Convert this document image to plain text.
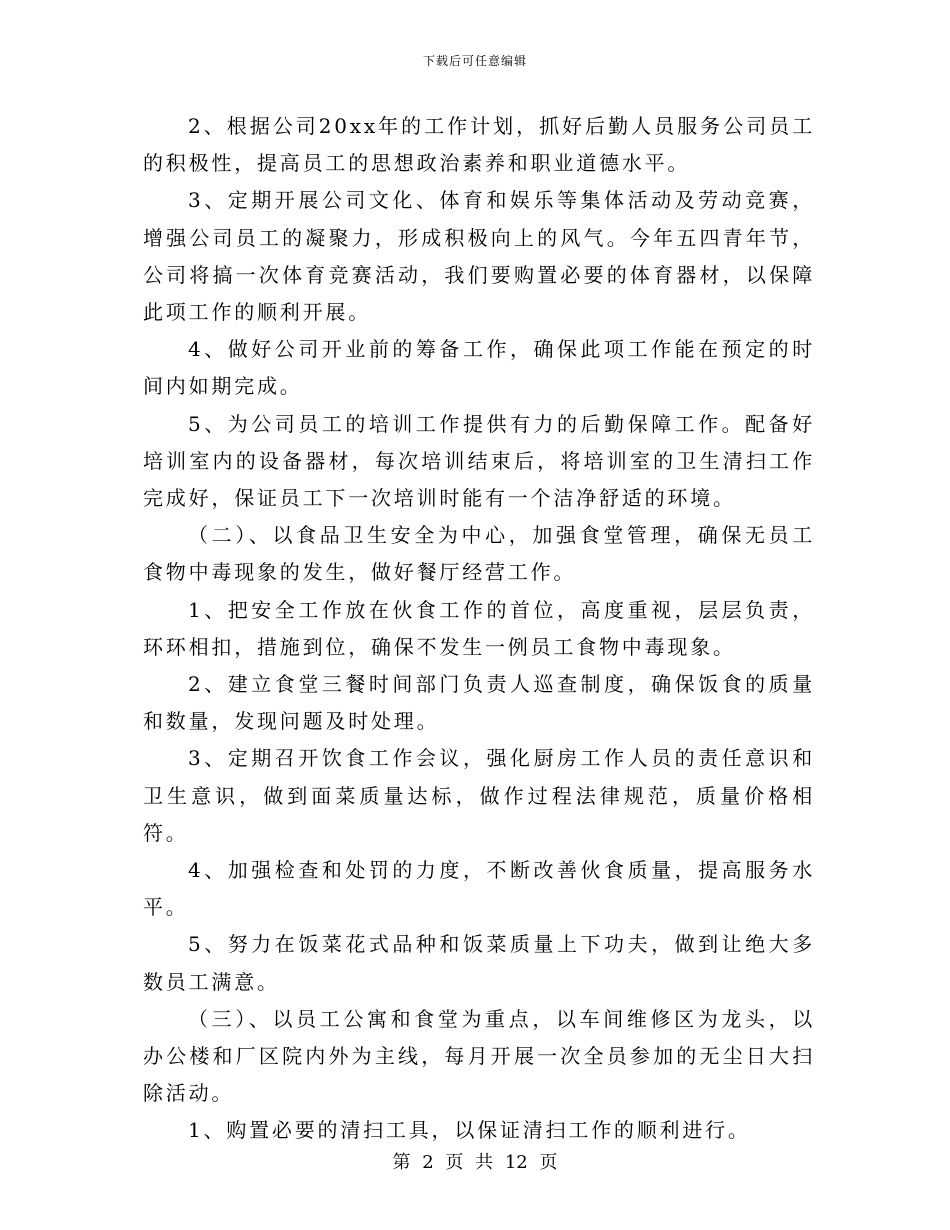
下载后可任意编辑

2、根据公司20xx年的工作计划，抓好后勤人员服务公司员工的积极性，提高员工的思想政治素养和职业道德水平。

3、定期开展公司文化、体育和娱乐等集体活动及劳动竞赛，增强公司员工的凝聚力，形成积极向上的风气。今年五四青年节，公司将搞一次体育竞赛活动，我们要购置必要的体育器材，以保障此项工作的顺利开展。

4、做好公司开业前的筹备工作，确保此项工作能在预定的时间内如期完成。

5、为公司员工的培训工作提供有力的后勤保障工作。配备好培训室内的设备器材，每次培训结束后，将培训室的卫生清扫工作完成好，保证员工下一次培训时能有一个洁净舒适的环境。

（二）、以食品卫生安全为中心，加强食堂管理，确保无员工食物中毒现象的发生，做好餐厅经营工作。

1、把安全工作放在伙食工作的首位，高度重视，层层负责，环环相扣，措施到位，确保不发生一例员工食物中毒现象。

2、建立食堂三餐时间部门负责人巡查制度，确保饭食的质量和数量，发现问题及时处理。

3、定期召开饮食工作会议，强化厨房工作人员的责任意识和卫生意识，做到面菜质量达标，做作过程法律规范，质量价格相符。

4、加强检查和处罚的力度，不断改善伙食质量，提高服务水平。

5、努力在饭菜花式品种和饭菜质量上下功夫，做到让绝大多数员工满意。

（三）、以员工公寓和食堂为重点，以车间维修区为龙头，以办公楼和厂区院内外为主线，每月开展一次全员参加的无尘日大扫除活动。

1、购置必要的清扫工具，以保证清扫工作的顺利进行。

第 2 页 共 12 页
